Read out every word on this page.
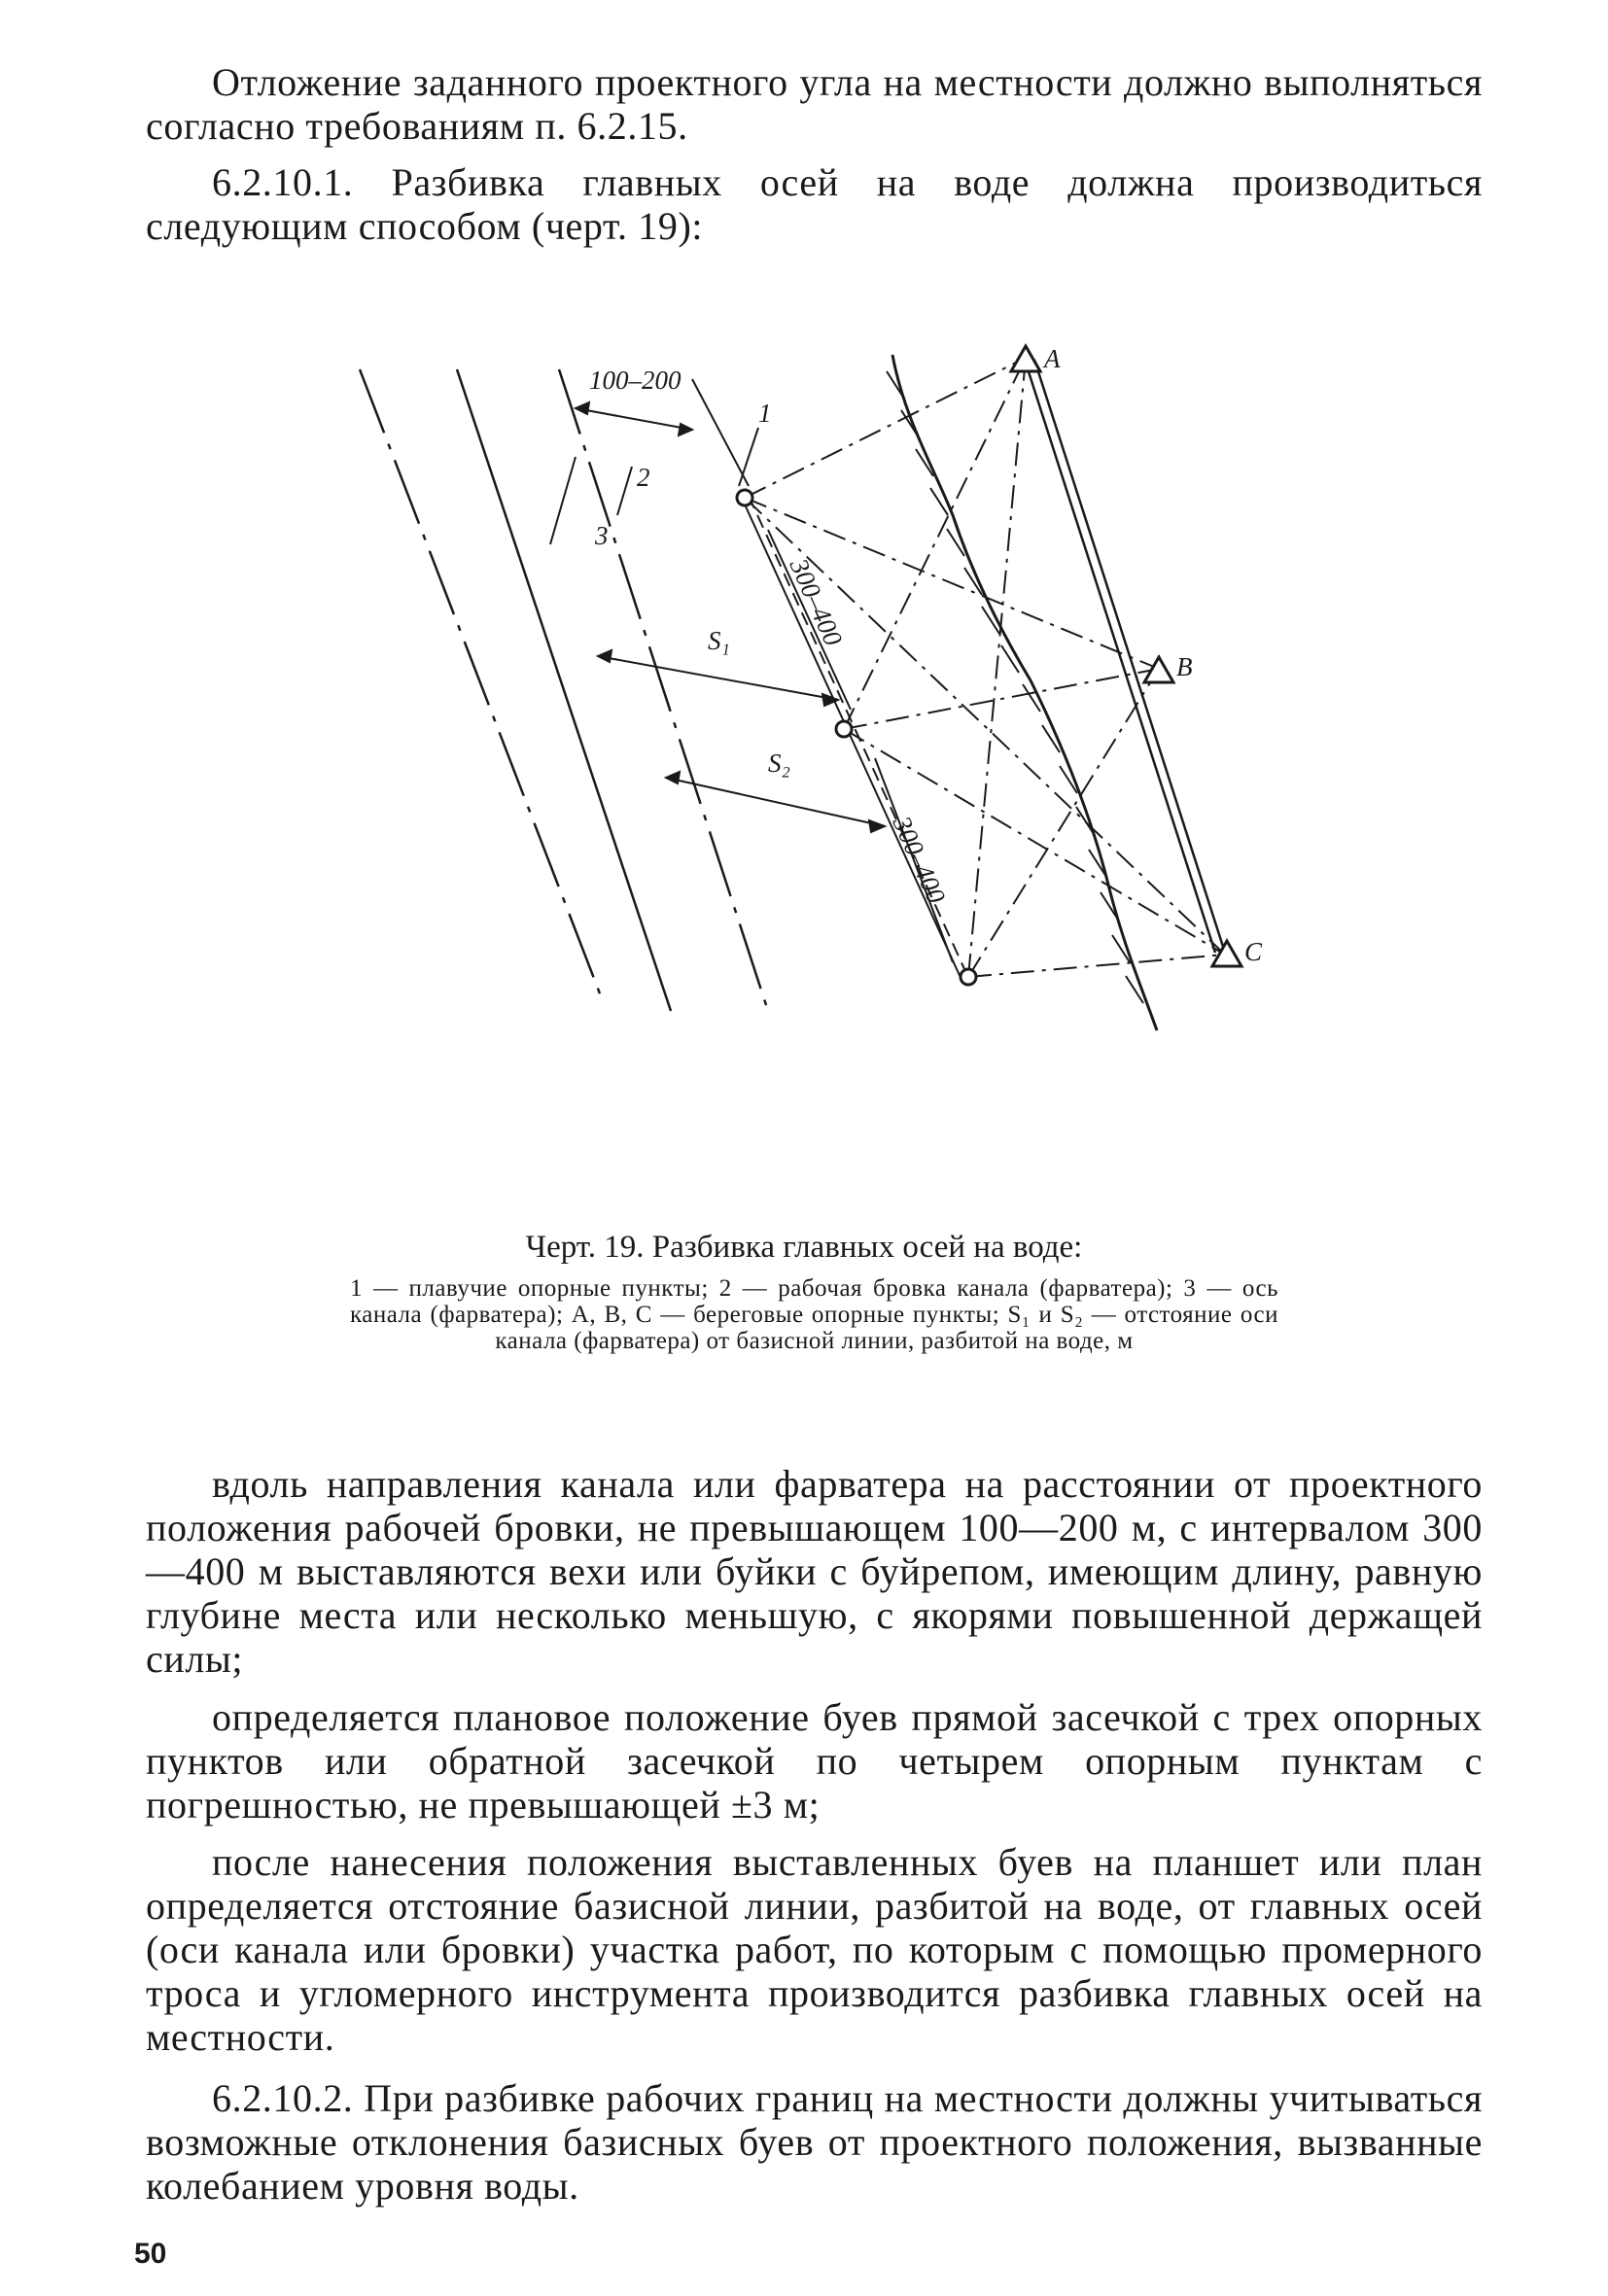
Отложение заданного проектного угла на местности должно выполняться согласно требованиям п. 6.2.15.

6.2.10.1. Разбивка главных осей на воде должна производиться следующим способом (черт. 19):

100–200
300–400
300–400
1
2
3
S₁
S₂
A
B
C

Черт. 19. Разбивка главных осей на воде:

1 — плавучие опорные пункты; 2 — рабочая бровка канала (фарватера); 3 — ось канала (фарватера); A, B, C — береговые опорные пункты; S₁ и S₂ — отстояние оси канала (фарватера) от базисной линии, разбитой на воде, м

вдоль направления канала или фарватера на расстоянии от проектного положения рабочей бровки, не превышающем 100—200 м, с интервалом 300—400 м выставляются вехи или буйки с буйрепом, имеющим длину, равную глубине места или несколько меньшую, с якорями повышенной держащей силы;

определяется плановое положение буев прямой засечкой с трех опорных пунктов или обратной засечкой по четырем опорным пунктам с погрешностью, не превышающей ±3 м;

после нанесения положения выставленных буев на планшет или план определяется отстояние базисной линии, разбитой на воде, от главных осей (оси канала или бровки) участка работ, по которым с помощью промерного троса и угломерного инструмента производится разбивка главных осей на местности.

6.2.10.2. При разбивке рабочих границ на местности должны учитываться возможные отклонения базисных буев от проектного положения, вызванные колебанием уровня воды.

50
